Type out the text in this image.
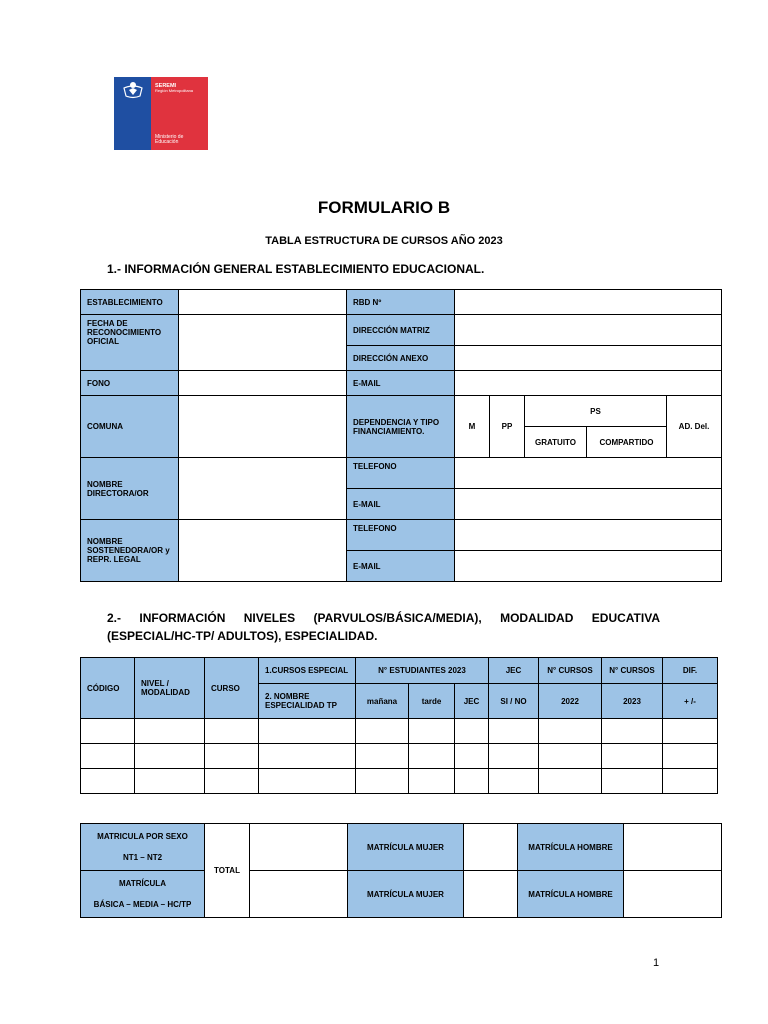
SEREMI
Región Metropolitana
Ministerio de
Educación
FORMULARIO B
TABLA ESTRUCTURA DE CURSOS AÑO 2023
1.- INFORMACIÓN GENERAL ESTABLECIMIENTO EDUCACIONAL.
ESTABLECIMIENTO		RBD Nº					
FECHA DE RECONOCIMIENTO OFICIAL		DIRECCIÓN MATRIZ					
		DIRECCIÓN ANEXO					
FONO		E-MAIL					
COMUNA		DEPENDENCIA Y TIPO FINANCIAMIENTO.	M	PP	PS		AD. Del.
					GRATUITO	COMPARTIDO	
NOMBRE DIRECTORA/OR		TELEFONO					
		E-MAIL					
NOMBRE SOSTENEDORA/OR y REPR. LEGAL		TELEFONO					
		E-MAIL					
2.- INFORMACIÓN NIVELES (PARVULOS/BÁSICA/MEDIA), MODALIDAD EDUCATIVA (ESPECIAL/HC-TP/ ADULTOS), ESPECIALIDAD.
CÓDIGO	NIVEL / MODALIDAD	CURSO	1.CURSOS ESPECIAL	N° ESTUDIANTES 2023			JEC	N° CURSOS	N° CURSOS	DIF.
			2. NOMBRE ESPECIALIDAD TP	mañana	tarde	JEC	SI / NO	2022	2023	+ /-

MATRICULA POR SEXO
NT1 – NT2	TOTAL		MATRÍCULA MUJER		MATRÍCULA HOMBRE	

MATRÍCULA
BÁSICA – MEDIA – HC/TP			MATRÍCULA MUJER		MATRÍCULA HOMBRE	
1
